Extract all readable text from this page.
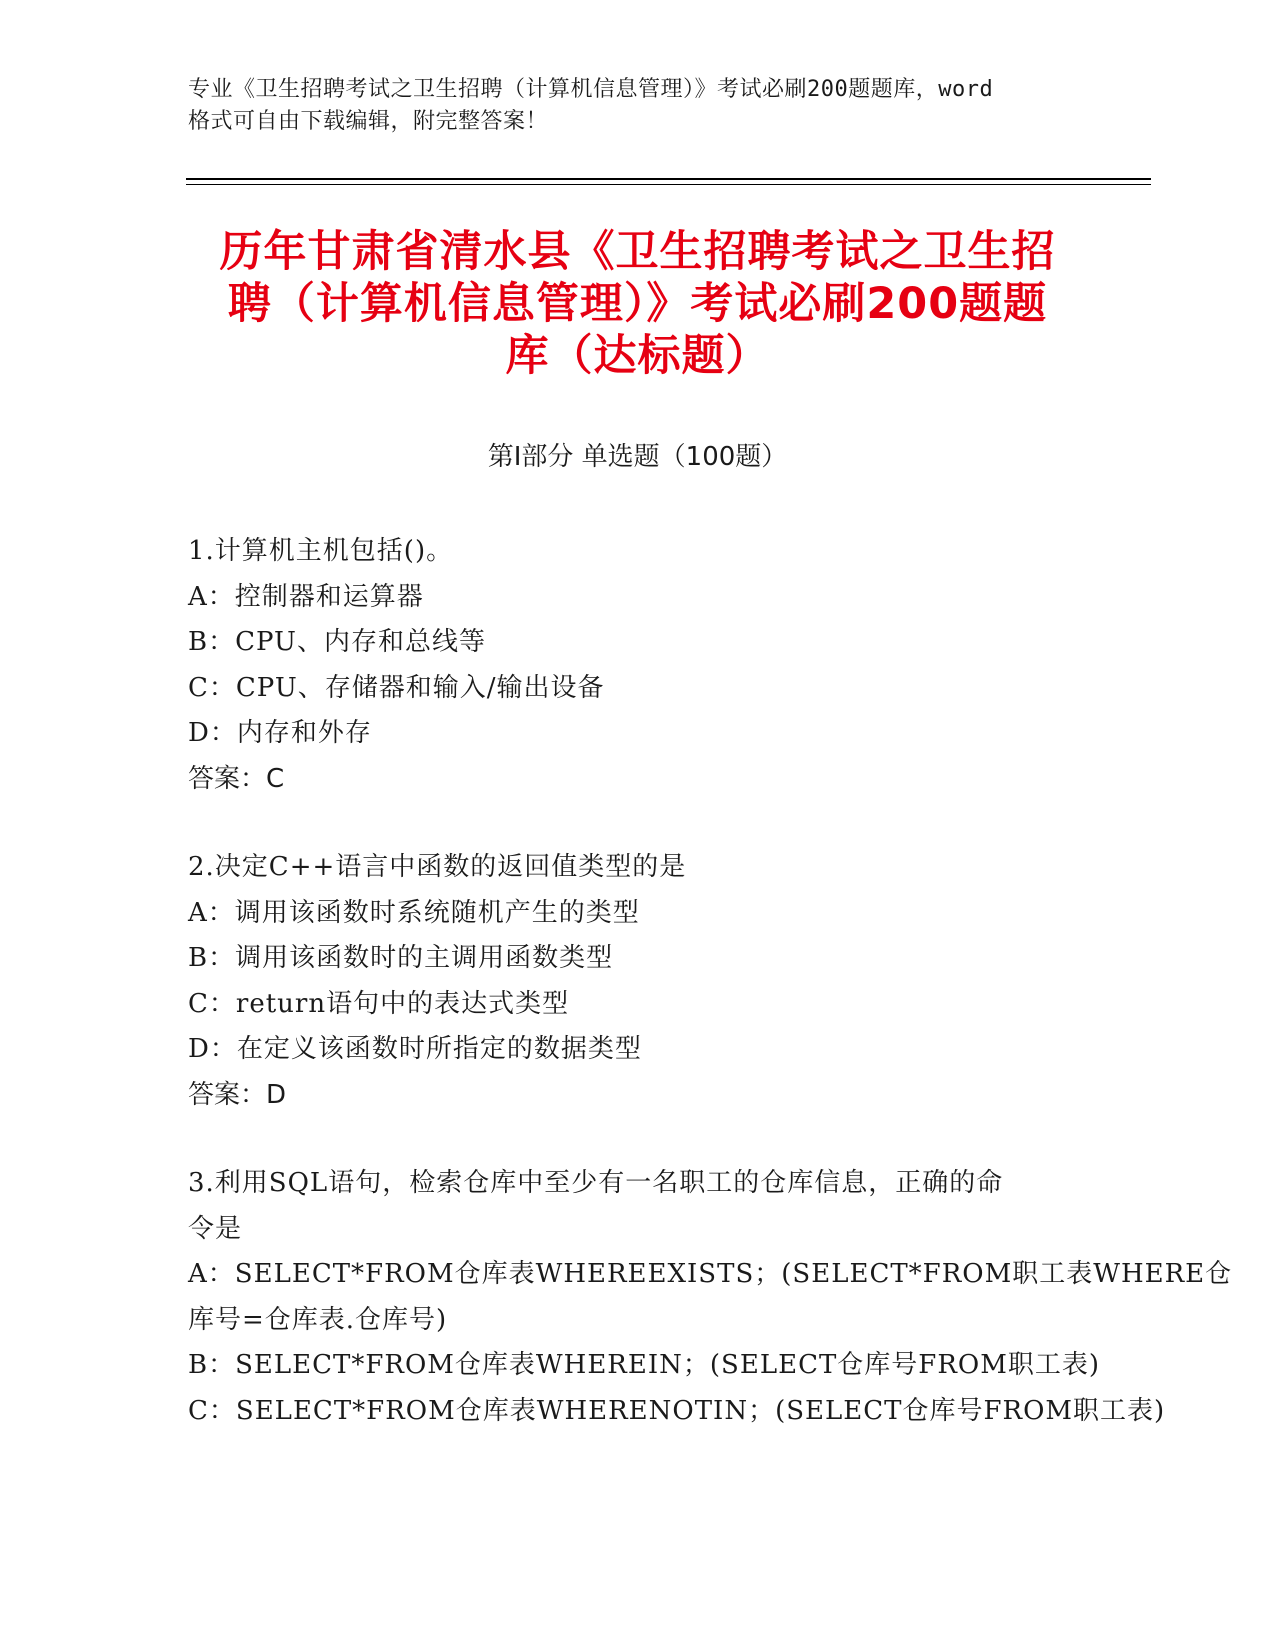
专业《卫生招聘考试之卫生招聘（计算机信息管理）》考试必刷200题题库，word
格式可自由下载编辑，附完整答案！
历年甘肃省清水县《卫生招聘考试之卫生招
聘（计算机信息管理）》考试必刷200题题
库（达标题）
第Ⅰ部分 单选题（100题）
1.计算机主机包括()。
A：控制器和运算器
B：CPU、内存和总线等
C：CPU、存储器和输入/输出设备
D：内存和外存
答案：C
2.决定C++语言中函数的返回值类型的是
A：调用该函数时系统随机产生的类型
B：调用该函数时的主调用函数类型
C：return语句中的表达式类型
D：在定义该函数时所指定的数据类型
答案：D
3.利用SQL语句，检索仓库中至少有一名职工的仓库信息，正确的命
令是
A：SELECT*FROM仓库表WHEREEXISTS；(SELECT*FROM职工表WHERE仓
库号=仓库表.仓库号)
B：SELECT*FROM仓库表WHEREIN；(SELECT仓库号FROM职工表)
C：SELECT*FROM仓库表WHERENOTIN；(SELECT仓库号FROM职工表)
